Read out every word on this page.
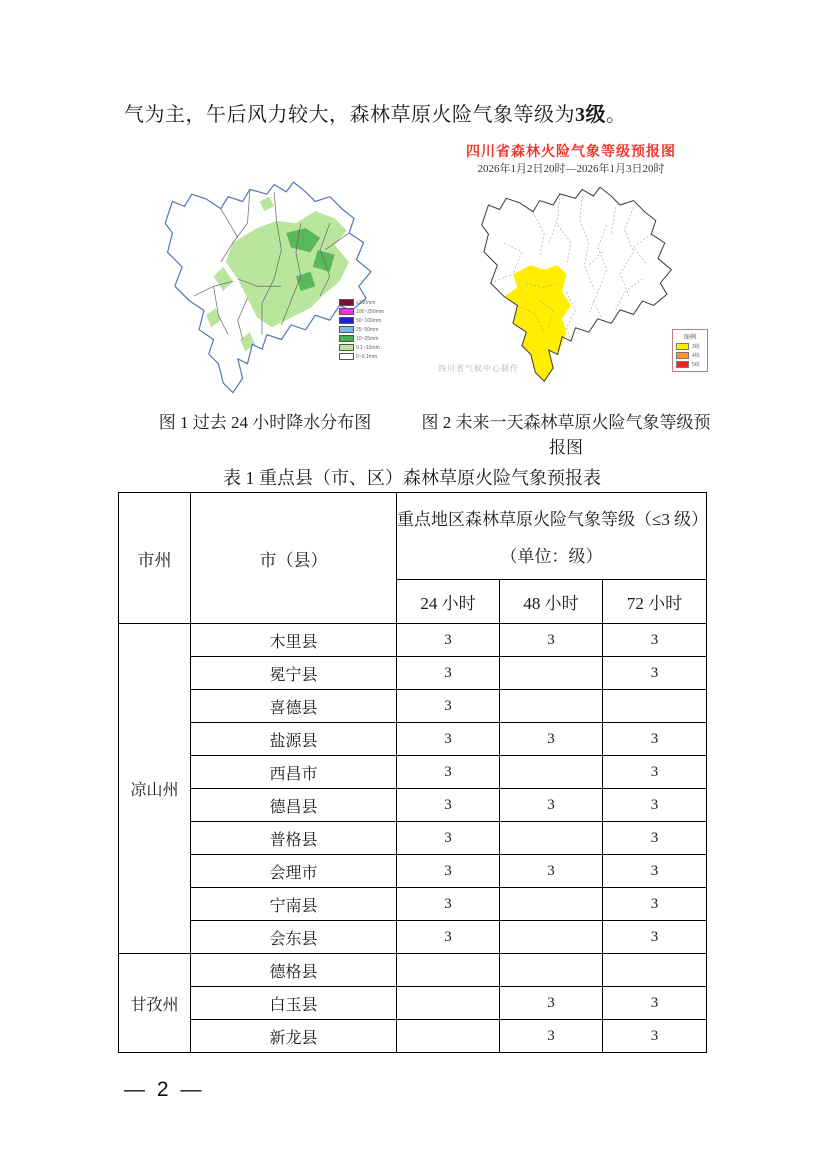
气为主，午后风力较大，森林草原火险气象等级为3级。

≥250mm
100~250mm
50~100mm
25~50mm
10~25mm
0.1~10mm
0~0.1mm
四川省森林火险气象等级预报图
2026年1月2日20时—2026年1月3日20时
图例
3级
4级
5级
四川省气候中心制作
图 1 过去 24 小时降水分布图	图 2 未来一天森林草原火险气象等级预报图
表 1 重点县（市、区）森林草原火险气象预报表
市州	市（县）	重点地区森林草原火险气象等级（≤3 级）
（单位：级）		

		24 小时	48 小时	72 小时
凉山州	木里县	3	3	3
	冕宁县	3		3
	喜德县	3		
	盐源县	3	3	3
	西昌市	3		3
	德昌县	3	3	3
	普格县	3		3
	会理市	3	3	3
	宁南县	3		3
	会东县	3		3
甘孜州	德格县			
	白玉县		3	3
	新龙县		3	3
— 2 —
